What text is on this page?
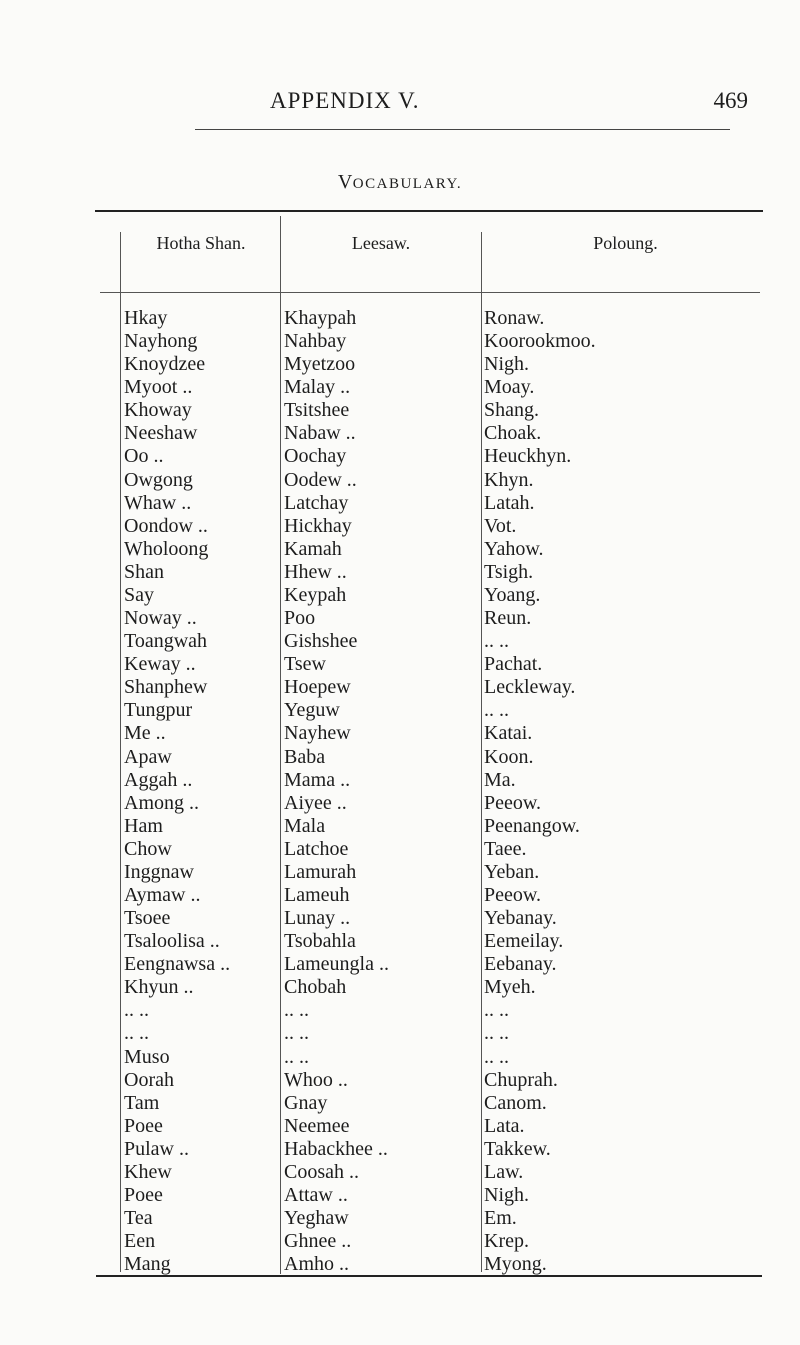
APPENDIX V.	469
VOCABULARY.
Hotha Shan.	Leesaw.	Poloung.
Hkay	Khaypah	Ronaw.
Nayhong	Nahbay	Koorookmoo.
Knoydzee	Myetzoo	Nigh.
Myoot ..	Malay ..	Moay.
Khoway	Tsitshee	Shang.
Neeshaw	Nabaw ..	Choak.
Oo ..	Oochay	Heuckhyn.
Owgong	Oodew ..	Khyn.
Whaw ..	Latchay	Latah.
Oondow ..	Hickhay	Vot.
Wholoong	Kamah	Yahow.
Shan	Hhew ..	Tsigh.
Say	Keypah	Yoang.
Noway ..	Poo	Reun.
Toangwah	Gishshee	.. ..
Keway ..	Tsew	Pachat.
Shanphew	Hoepew	Leckleway.
Tungpur	Yeguw	.. ..
Me ..	Nayhew	Katai.
Apaw	Baba	Koon.
Aggah ..	Mama ..	Ma.
Among ..	Aiyee ..	Peeow.
Ham	Mala	Peenangow.
Chow	Latchoe	Taee.
Inggnaw	Lamurah	Yeban.
Aymaw ..	Lameuh	Peeow.
Tsoee	Lunay ..	Yebanay.
Tsaloolisa ..	Tsobahla	Eemeilay.
Eengnawsa ..	Lameungla ..	Eebanay.
Khyun ..	Chobah	Myeh.
.. ..	.. ..	.. ..
.. ..	.. ..	.. ..
Muso	.. ..	.. ..
Oorah	Whoo ..	Chuprah.
Tam	Gnay	Canom.
Poee	Neemee	Lata.
Pulaw ..	Habackhee ..	Takkew.
Khew	Coosah ..	Law.
Poee	Attaw ..	Nigh.
Tea	Yeghaw	Em.
Een	Ghnee ..	Krep.
Mang	Amho ..	Myong.
